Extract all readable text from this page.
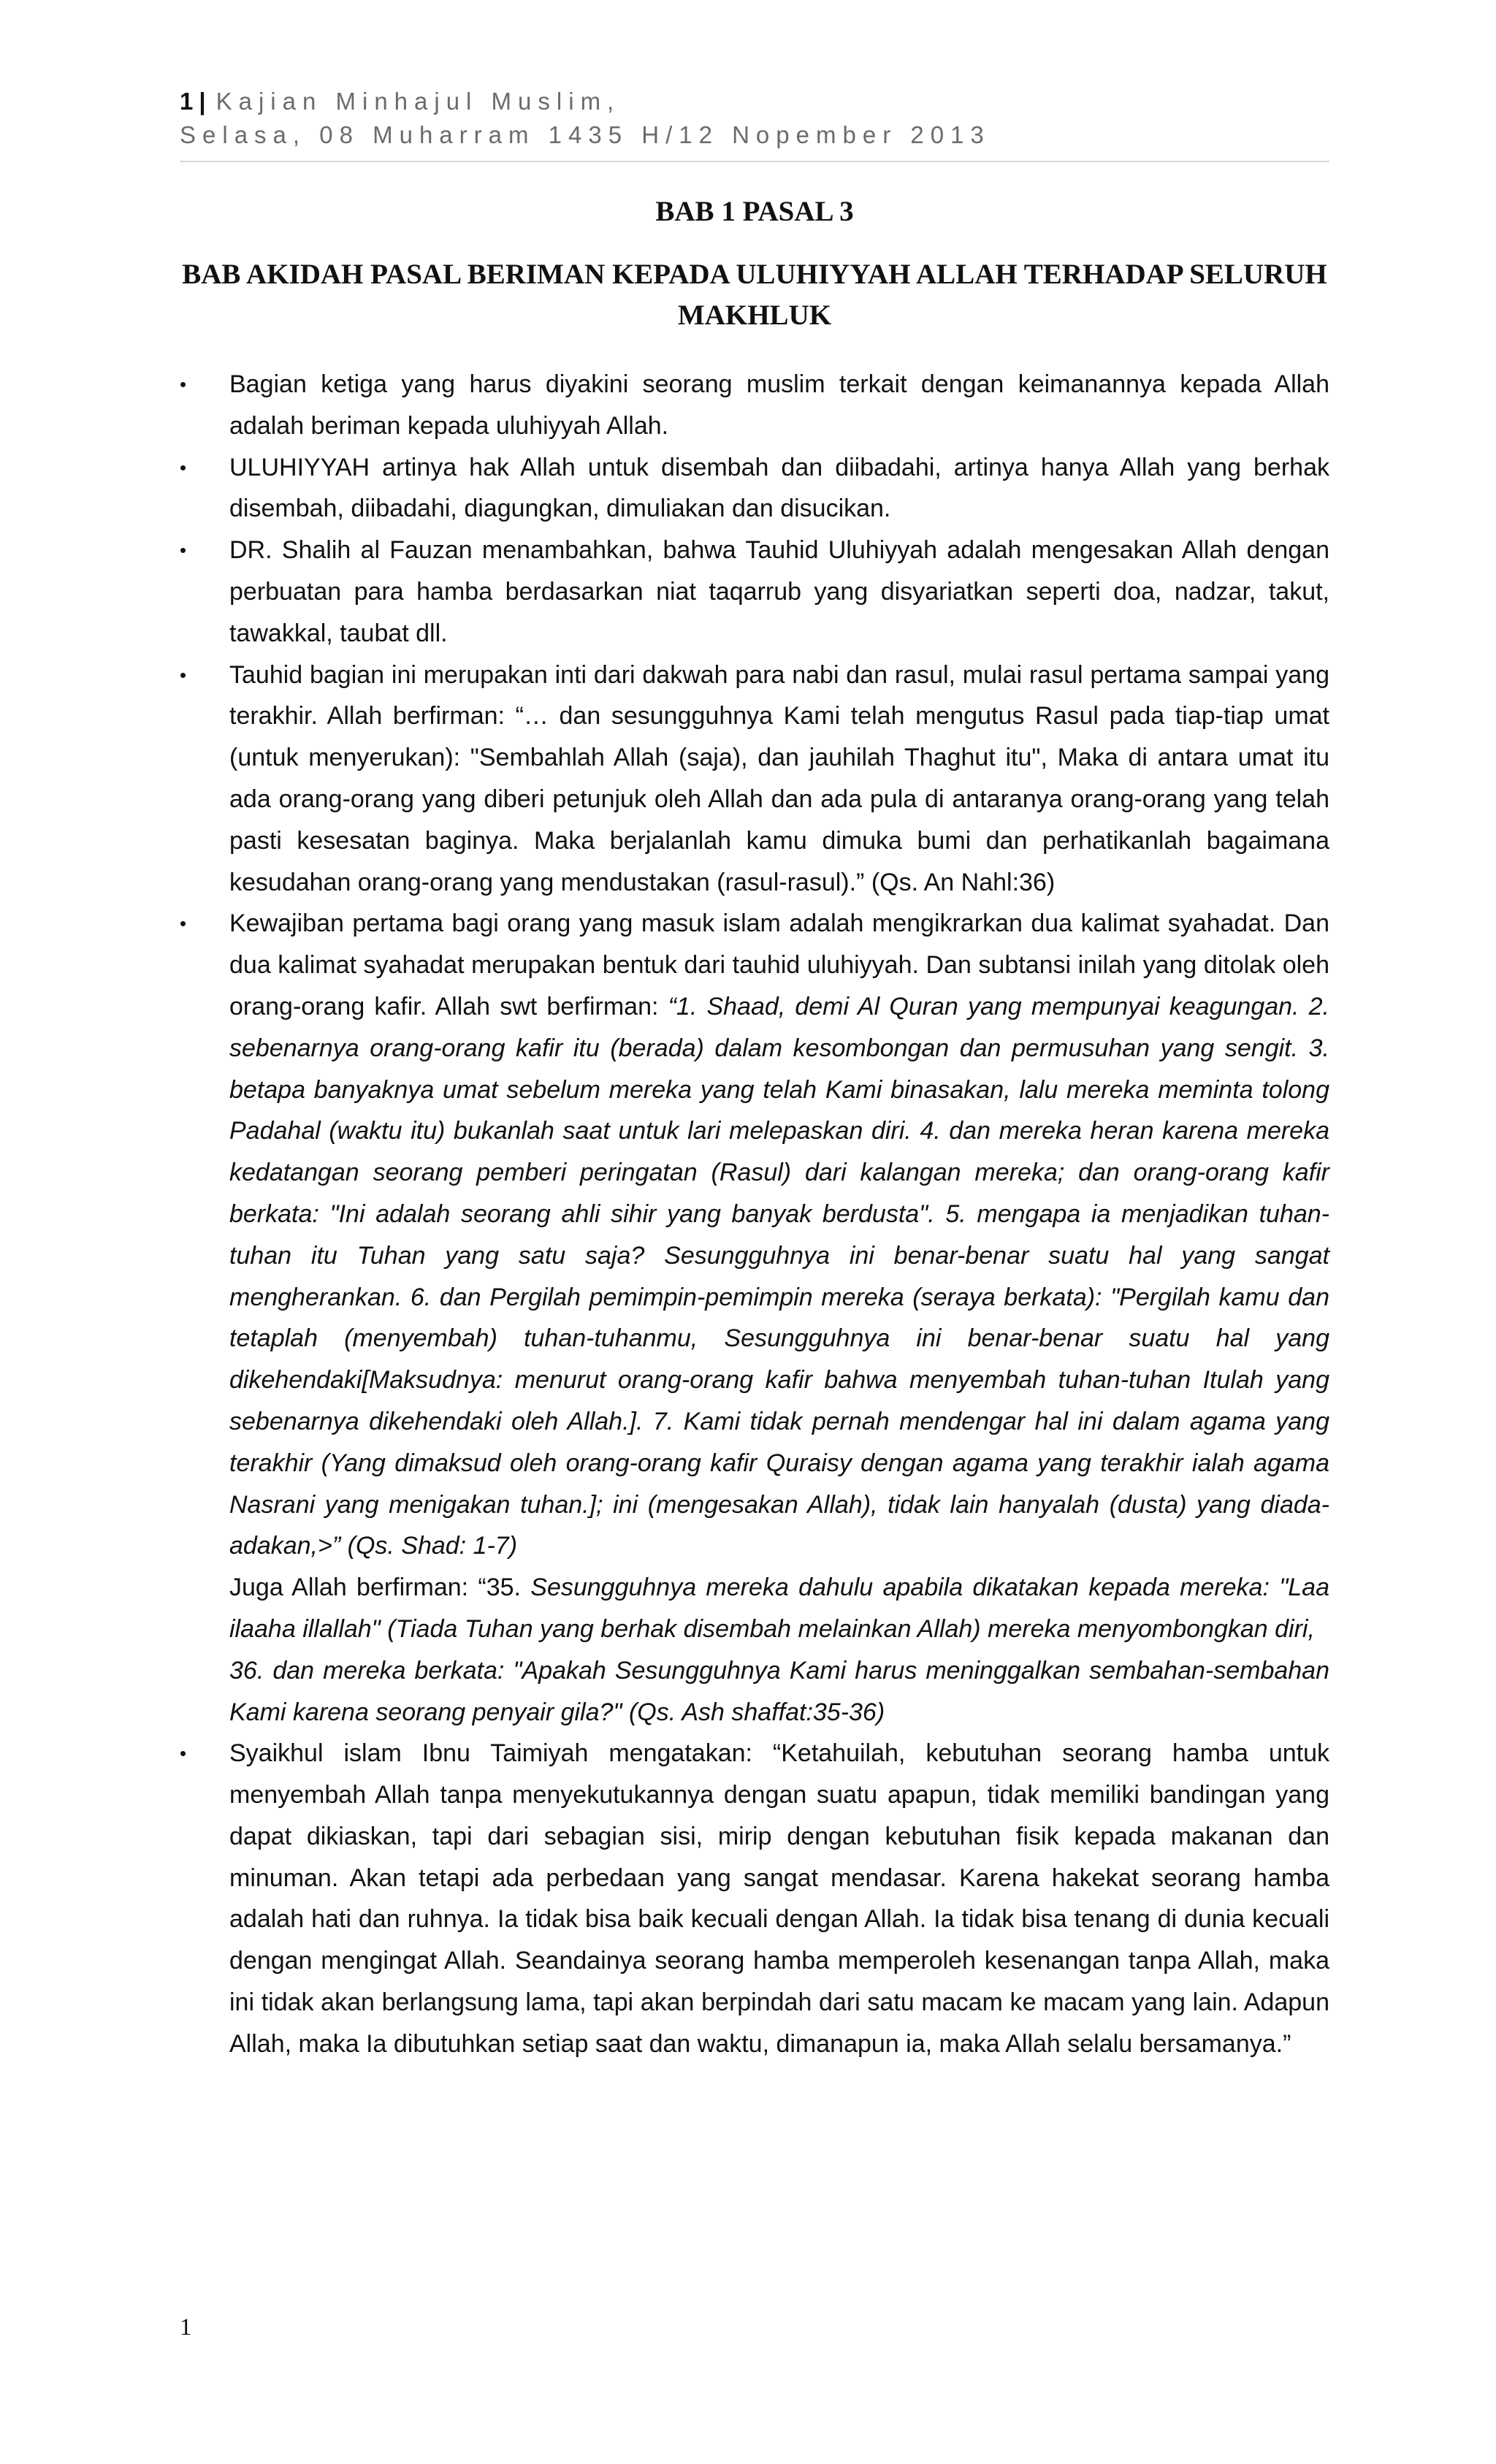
1 | Kajian Minhajul Muslim,
Selasa, 08 Muharram 1435 H/12 Nopember 2013
BAB 1 PASAL 3
BAB AKIDAH PASAL BERIMAN KEPADA ULUHIYYAH ALLAH TERHADAP SELURUH MAKHLUK
•	Bagian ketiga yang harus diyakini seorang muslim terkait dengan keimanannya kepada Allah adalah beriman kepada uluhiyyah Allah.

•	ULUHIYYAH artinya hak Allah untuk disembah dan diibadahi, artinya hanya Allah yang berhak disembah, diibadahi, diagungkan, dimuliakan dan disucikan.

•	DR. Shalih al Fauzan menambahkan, bahwa Tauhid Uluhiyyah adalah mengesakan Allah dengan perbuatan para hamba berdasarkan niat taqarrub yang disyariatkan seperti doa, nadzar, takut, tawakkal, taubat dll.

•	Tauhid bagian ini merupakan inti dari dakwah para nabi dan rasul, mulai rasul pertama sampai yang terakhir. Allah berfirman: “… dan sesungguhnya Kami telah mengutus Rasul pada tiap-tiap umat (untuk menyerukan): "Sembahlah Allah (saja), dan jauhilah Thaghut itu", Maka di antara umat itu ada orang-orang yang diberi petunjuk oleh Allah dan ada pula di antaranya orang-orang yang telah pasti kesesatan baginya. Maka berjalanlah kamu dimuka bumi dan perhatikanlah bagaimana kesudahan orang-orang yang mendustakan (rasul-rasul).” (Qs. An Nahl:36)

•	Kewajiban pertama bagi orang yang masuk islam adalah mengikrarkan dua kalimat syahadat. Dan dua kalimat syahadat merupakan bentuk dari tauhid uluhiyyah. Dan subtansi inilah yang ditolak oleh orang-orang kafir. Allah swt berfirman: “1. Shaad, demi Al Quran yang mempunyai keagungan. 2. sebenarnya orang-orang kafir itu (berada) dalam kesombongan dan permusuhan yang sengit. 3. betapa banyaknya umat sebelum mereka yang telah Kami binasakan, lalu mereka meminta tolong Padahal (waktu itu) bukanlah saat untuk lari melepaskan diri. 4. dan mereka heran karena mereka kedatangan seorang pemberi peringatan (Rasul) dari kalangan mereka; dan orang-orang kafir berkata: "Ini adalah seorang ahli sihir yang banyak berdusta". 5. mengapa ia menjadikan tuhan-tuhan itu Tuhan yang satu saja? Sesungguhnya ini benar-benar suatu hal yang sangat mengherankan. 6. dan Pergilah pemimpin-pemimpin mereka (seraya berkata): "Pergilah kamu dan tetaplah (menyembah) tuhan-tuhanmu, Sesungguhnya ini benar-benar suatu hal yang dikehendaki[Maksudnya: menurut orang-orang kafir bahwa menyembah tuhan-tuhan Itulah yang sebenarnya dikehendaki oleh Allah.]. 7. Kami tidak pernah mendengar hal ini dalam agama yang terakhir (Yang dimaksud oleh orang-orang kafir Quraisy dengan agama yang terakhir ialah agama Nasrani yang menigakan tuhan.]; ini (mengesakan Allah), tidak lain hanyalah (dusta) yang diada-adakan,>” (Qs. Shad: 1-7)

Juga Allah berfirman: “35. Sesungguhnya mereka dahulu apabila dikatakan kepada mereka: "Laa ilaaha illallah" (Tiada Tuhan yang berhak disembah melainkan Allah) mereka menyombongkan diri,

36. dan mereka berkata: "Apakah Sesungguhnya Kami harus meninggalkan sembahan-sembahan Kami karena seorang penyair gila?" (Qs. Ash shaffat:35-36)

•	Syaikhul islam Ibnu Taimiyah mengatakan: “Ketahuilah, kebutuhan seorang hamba untuk menyembah Allah tanpa menyekutukannya dengan suatu apapun, tidak memiliki bandingan yang dapat dikiaskan, tapi dari sebagian sisi, mirip dengan kebutuhan fisik kepada makanan dan minuman. Akan tetapi ada perbedaan yang sangat mendasar. Karena hakekat seorang hamba adalah hati dan ruhnya. Ia tidak bisa baik kecuali dengan Allah. Ia tidak bisa tenang di dunia kecuali dengan mengingat Allah. Seandainya seorang hamba memperoleh kesenangan tanpa Allah, maka ini tidak akan berlangsung lama, tapi akan berpindah dari satu macam ke macam yang lain. Adapun Allah, maka Ia dibutuhkan setiap saat dan waktu, dimanapun ia, maka Allah selalu bersamanya.”

1
